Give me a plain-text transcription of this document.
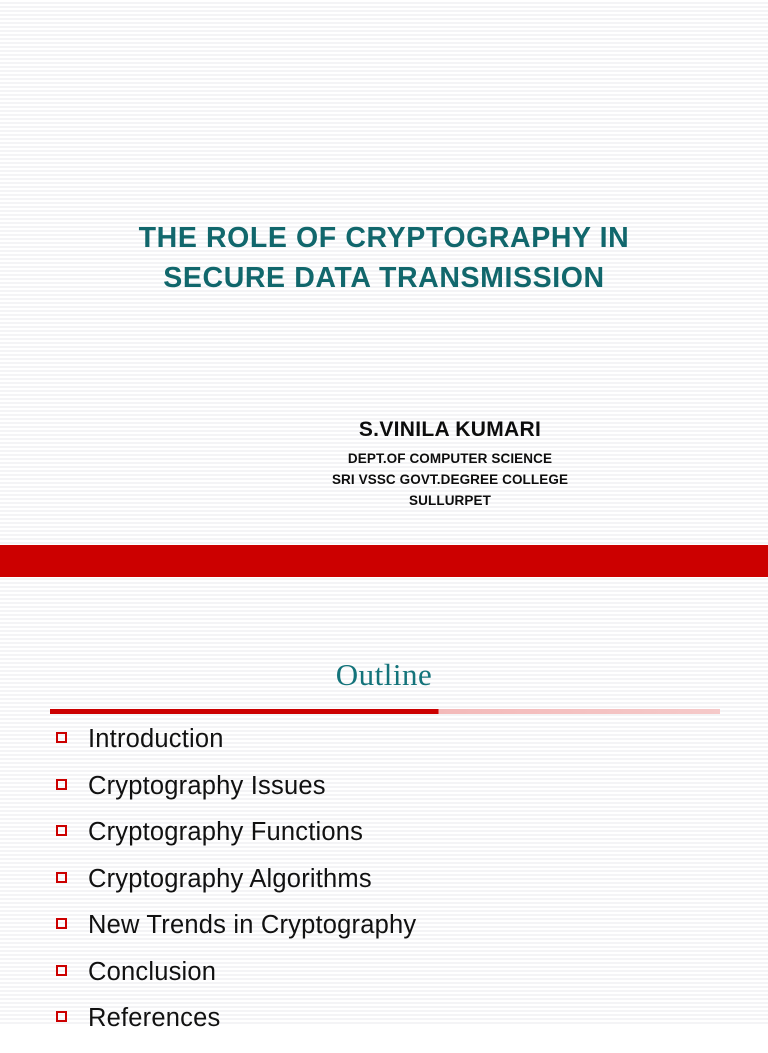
THE ROLE OF CRYPTOGRAPHY IN
SECURE DATA TRANSMISSION
S.VINILA KUMARI
DEPT.OF COMPUTER SCIENCE
SRI VSSC GOVT.DEGREE COLLEGE
SULLURPET
Outline
Introduction
Cryptography Issues
Cryptography Functions
Cryptography Algorithms
New Trends in Cryptography
Conclusion
References
